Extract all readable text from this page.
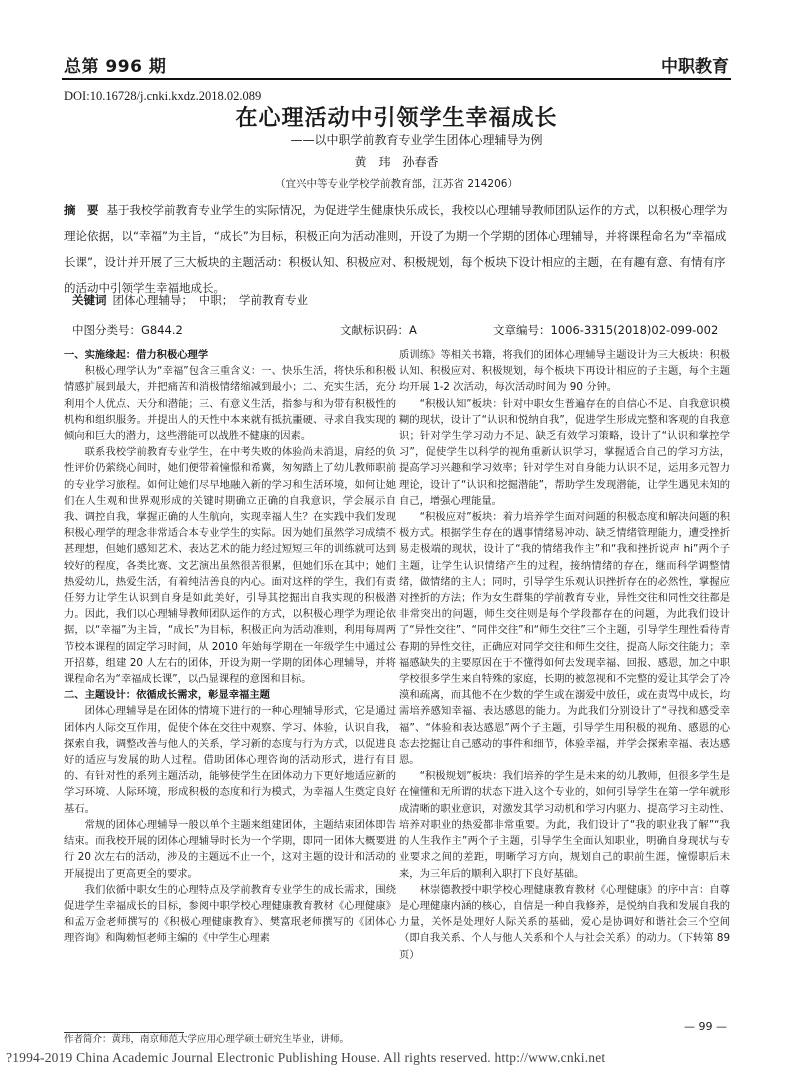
总第 996 期	中职教育
DOI:10.16728/j.cnki.kxdz.2018.02.089
在心理活动中引领学生幸福成长
——以中职学前教育专业学生团体心理辅导为例
黄　玮　孙春香
（宜兴中等专业学校学前教育部，江苏省 214206）
摘　要 基于我校学前教育专业学生的实际情况，为促进学生健康快乐成长，我校以心理辅导教师团队运作的方式，以积极心理学为理论依据，以“幸福”为主旨，“成长”为目标，积极正向为活动准则，开设了为期一个学期的团体心理辅导，并将课程命名为“幸福成长课”，设计并开展了三大板块的主题活动：积极认知、积极应对、积极规划，每个板块下设计相应的主题，在有趣有意、有情有序的活动中引领学生幸福地成长。
关键词 团体心理辅导；　中职；　学前教育专业
中图分类号：G844.2	文献标识码：A	文章编号：1006-3315(2018)02-099-002

一、实施缘起：借力积极心理学

积极心理学认为“幸福”包含三重含义：一、快乐生活，将快乐和积极情感扩展到最大，并把痛苦和消极情绪缩减到最小；二、充实生活，充分利用个人优点、天分和潜能；三、有意义生活，指参与和为带有积极性的机构和组织服务。并提出人的天性中本来就有抵抗噩硬、寻求自我实现的倾向和巨大的潜力，这些潜能可以战胜不健康的因素。

联系我校学前教育专业学生，在中考失败的体验尚未消退，肩经的负性评价仍萦绕心间时，她们便带着憧憬和希冀，匆匆踏上了幼儿教师职前的专业学习旅程。如何让她们尽早地融入新的学习和生活环境，如何让她们在人生观和世界观形成的关键时期确立正确的自我意识，学会展示自我、调控自我，掌握正确的人生航向，实现幸福人生？在实践中我们发现积极心理学的理念非常适合本专业学生的实际。因为她们虽然学习成绩不甚理想，但她们感知艺术、表达艺术的能力经过短短三年的训练就可达到较好的程度，各类比赛、文艺演出虽然很苦很累，但她们乐在其中；她们热爱幼儿，热爱生活，有着纯洁善良的内心。面对这样的学生，我们有责任努力让学生认识到自身是如此美好，引导其挖掘出自我实现的积极潜力。因此，我们以心理辅导教师团队运作的方式，以积极心理学为理论依据，以“幸福”为主旨，“成长”为目标，积极正向为活动准则，利用每周两节校本课程的固定学习时间，从 2010 年始每学期在一年级学生中通过公开招募，组建 20 人左右的团体，开设为期一学期的团体心理辅导，并将课程命名为“幸福成长课”，以凸显课程的意图和目标。

二、主题设计：依循成长需求，彰显幸福主题

团体心理辅导是在团体的情境下进行的一种心理辅导形式，它是通过团体内人际交互作用，促使个体在交往中观察、学习、体验，认识自我，探索自我，调整改善与他人的关系，学习新的态度与行为方式，以促进良好的适应与发展的助人过程。借助团体心理咨询的活动形式，进行有目的、有针对性的系列主题活动，能够使学生在团体动力下更好地适应新的学习环境、人际环境，形成积极的态度和行为模式，为幸福人生奠定良好基石。

常规的团体心理辅导一般以单个主题来组建团体，主题结束团体即告结束。而我校开展的团体心理辅导时长为一个学期，即同一团体大概要进行 20 次左右的活动，涉及的主题远不止一个，这对主题的设计和活动的开展提出了更高更全的要求。

我们依循中职女生的心理特点及学前教育专业学生的成长需求，围绕促进学生幸福成长的目标，参阅中职学校心理健康教育教材《心理健康》和孟万金老师撰写的《积极心理健康教育》、樊富珉老师撰写的《团体心理咨询》和陶勑恒老师主编的《中学生心理素

质训练》等相关书籍，将我们的团体心理辅导主题设计为三大板块：积极认知、积极应对、积极规划，每个板块下再设计相应的子主题，每个主题均开展 1-2 次活动，每次活动时间为 90 分钟。

“积极认知”板块：针对中职女生普遍存在的自信心不足、自我意识模糊的现状，设计了“认识和悦纳自我”，促进学生形成完整和客观的自我意识；针对学生学习动力不足、缺乏有效学习策略，设计了“认识和掌控学习”，促使学生以科学的视角重新认识学习，掌握适合自己的学习方法，提高学习兴趣和学习效率；针对学生对自身能力认识不足，运用多元智力理论，设计了“认识和挖掘潜能”，帮助学生发现潜能，让学生遇见未知的自己，增强心理能量。

“积极应对”板块：着力培养学生面对问题的积极态度和解决问题的积极方式。根据学生存在的遇事情绪易冲动、缺乏情绪管理能力，遭受挫折易走极端的现状，设计了“我的情绪我作主”和“我和挫折说声 hi”两个子主题，让学生认识情绪产生的过程，接纳情绪的存在，继而科学调整情绪，做情绪的主人；同时，引导学生乐观认识挫折存在的必然性，掌握应对挫折的方法；作为女生群集的学前教育专业，异性交往和同性交往都是非常突出的问题，师生交往则是每个学段都存在的问题，为此我们设计了“异性交往”、“同伴交往”和“师生交往”三个主题，引导学生理性看待青春期的异性交往，正确应对同学交往和师生交往，提高人际交往能力；幸福感缺失的主要原因在于不懂得如何去发现幸福、回报、感恩，加之中职学校很多学生来自特殊的家庭，长期的被忽视和不完整的爱让其学会了冷漠和疏离，而其他不在少数的学生或在溺爱中放任，或在责骂中成长，均需培养感知幸福、表达感恩的能力。为此我们分别设计了“寻找和感受幸福”、“体验和表达感恩”两个子主题，引导学生用积极的视角、感恩的心态去挖掘让自己感动的事件和细节，体验幸福，并学会探索幸福、表达感恩。

“积极规划”板块：我们培养的学生是未来的幼儿教师，但很多学生是在憧懂和无所谓的状态下进入这个专业的，如何引导学生在第一学年就形成清晰的职业意识，对激发其学习动机和学习内驱力、提高学习主动性、培养对职业的热爱都非常重要。为此，我们设计了“我的职业我了解”“我的人生我作主”两个子主题，引导学生全面认知职业，明确自身现状与专业要求之间的差距，明晰学习方向，规划自己的职前生涯，憧憬职后未来，为三年后的顺利入职打下良好基础。

林崇德教授中职学校心理健康教育教材《心理健康》的序中言：自尊是心理健康内涵的核心，自信是一种自我修养，是悦纳自我和发展自我的力量，关怀是处理好人际关系的基础，爱心是协调好和谐社会三个空间（即自我关系、个人与他人关系和个人与社会关系）的动力。（下转第 89 页）

作者简介：黄玮，南京师范大学应用心理学硕士研究生毕业，讲师。
— 99 —
?1994-2019 China Academic Journal Electronic Publishing House. All rights reserved. http://www.cnki.net
